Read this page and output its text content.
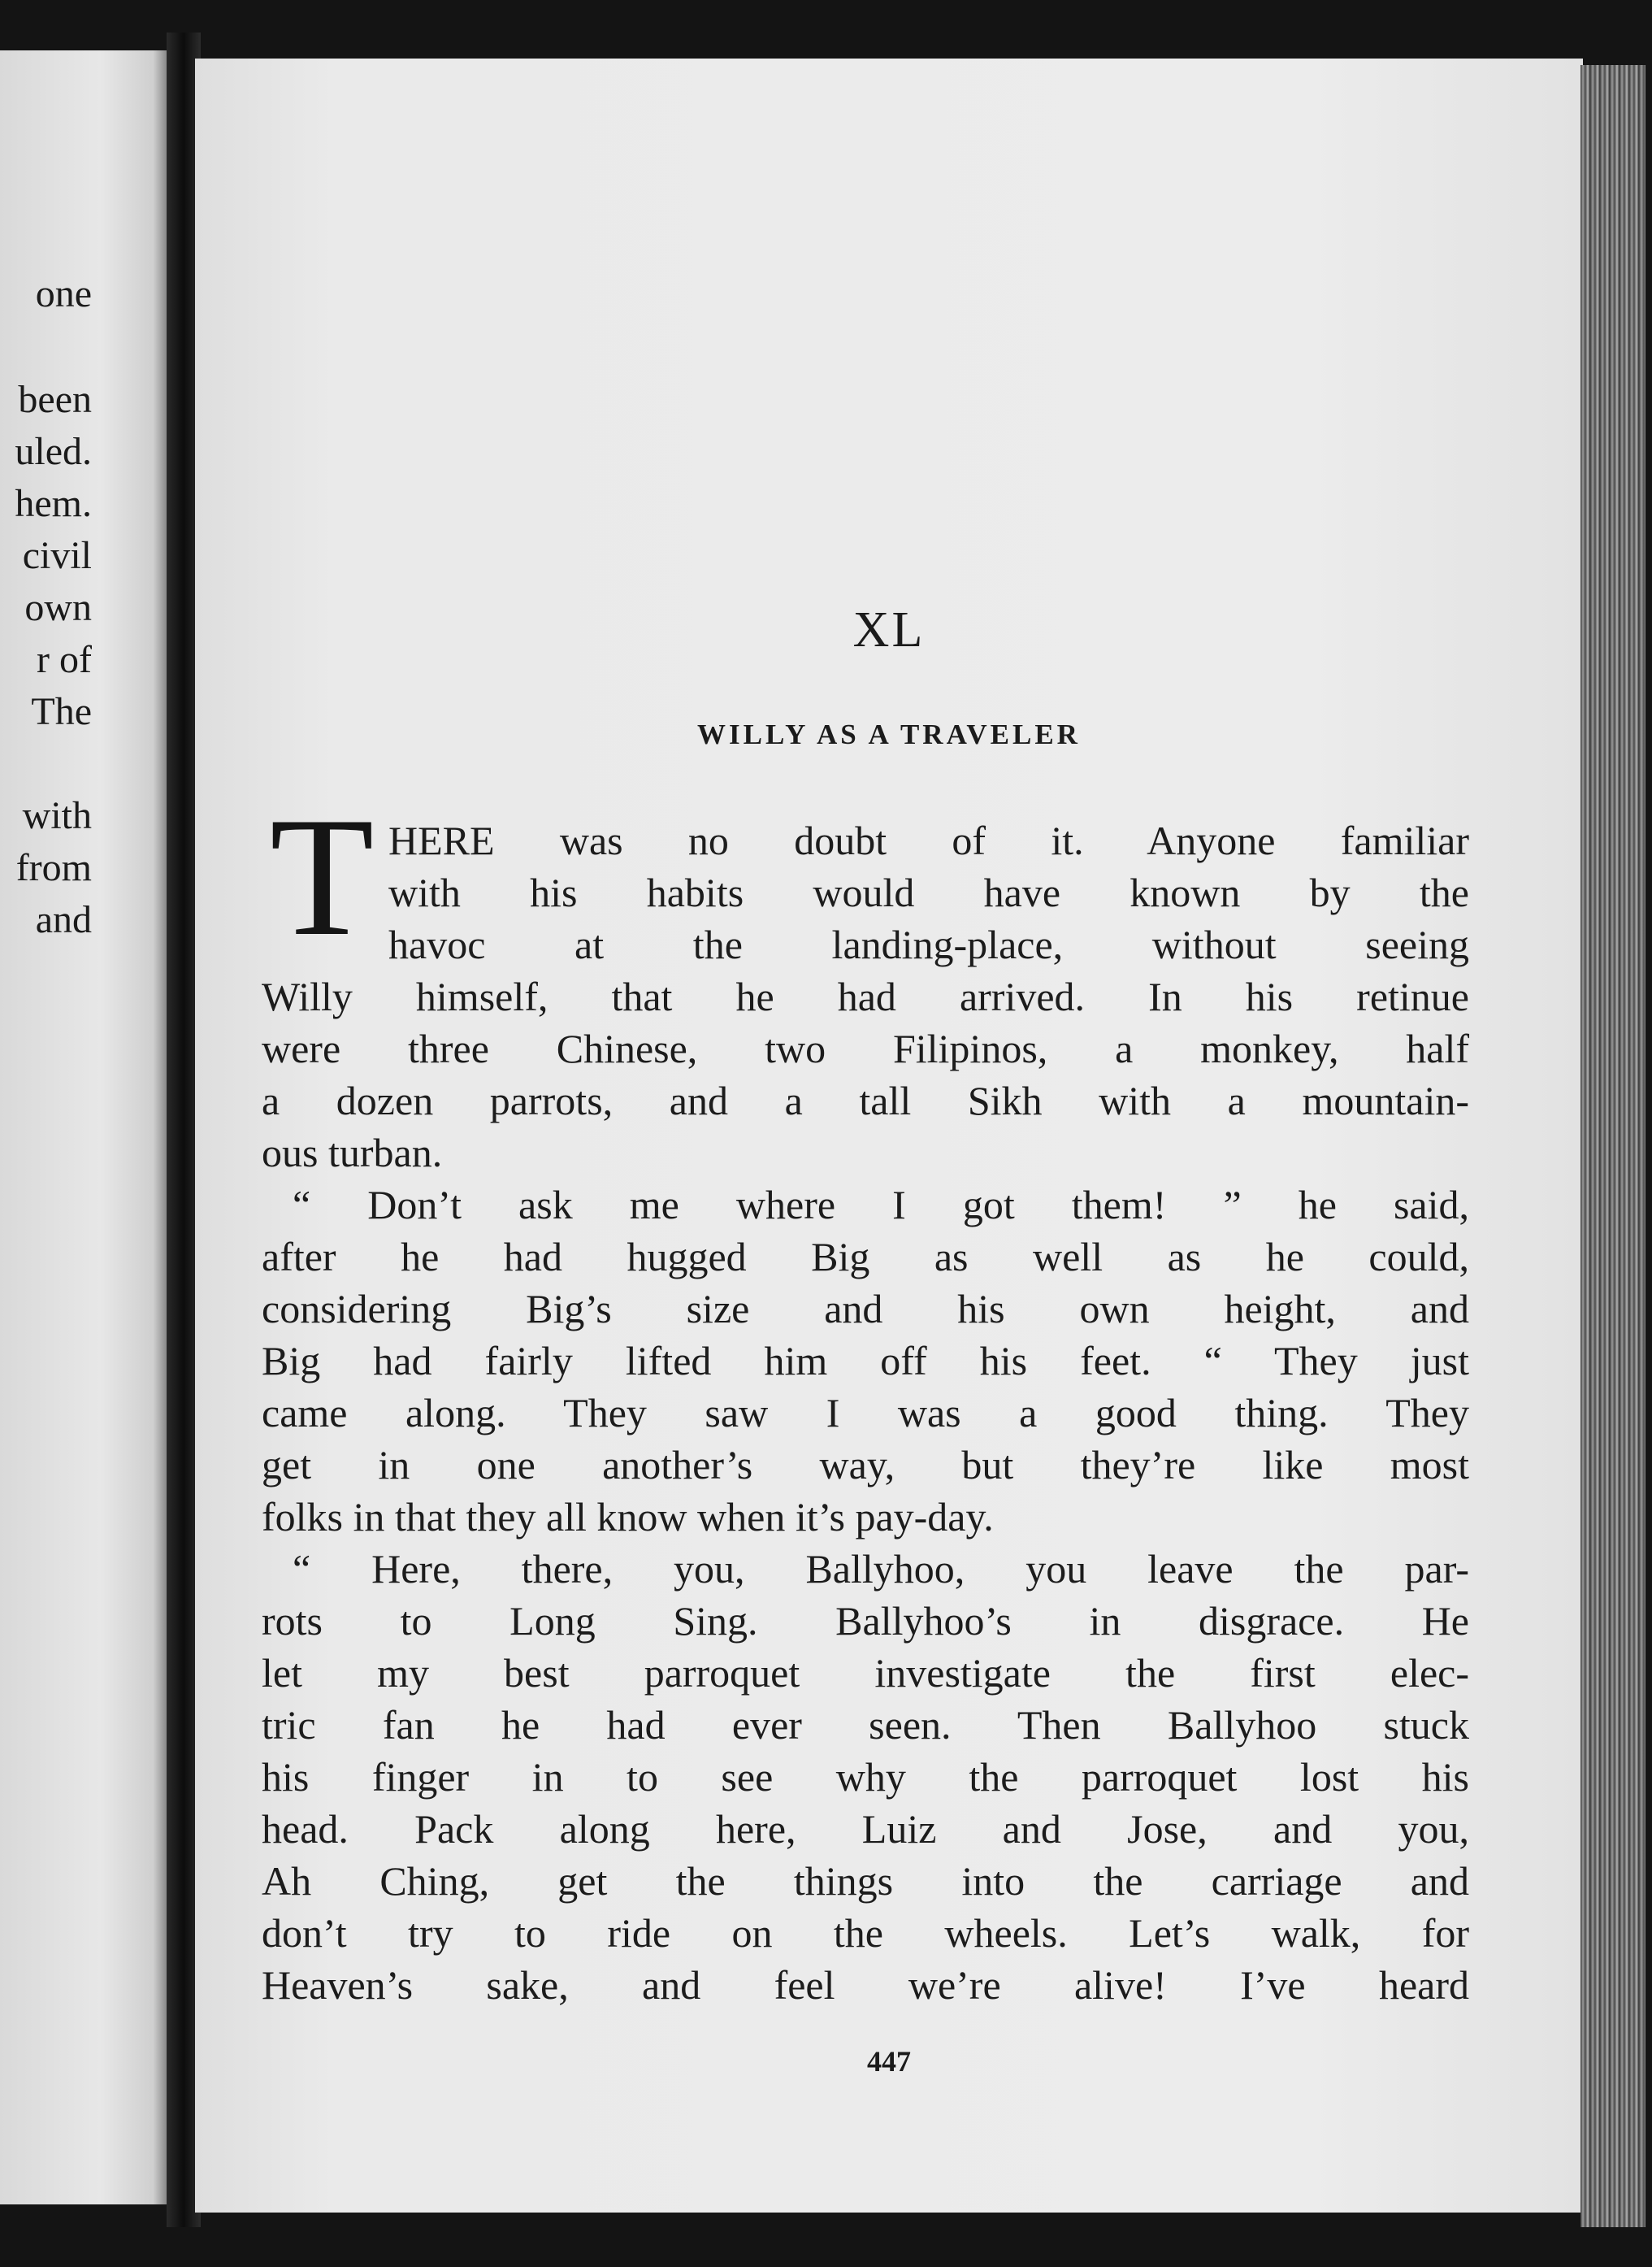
one
been
uled.
hem.
civil
own
r of
The
with
from
and
XL
WILLY AS A TRAVELER
T HERE was no doubt of it. Anyone familiar
with his habits would have known by the
havoc at the landing-place, without seeing
Willy himself, that he had arrived. In his retinue
were three Chinese, two Filipinos, a monkey, half
a dozen parrots, and a tall Sikh with a mountain-
ous turban.
“ Don’t ask me where I got them! ” he said,
after he had hugged Big as well as he could,
considering Big’s size and his own height, and
Big had fairly lifted him off his feet. “ They just
came along. They saw I was a good thing. They
get in one another’s way, but they’re like most
folks in that they all know when it’s pay-day.
“ Here, there, you, Ballyhoo, you leave the par-
rots to Long Sing. Ballyhoo’s in disgrace. He
let my best parroquet investigate the first elec-
tric fan he had ever seen. Then Ballyhoo stuck
his finger in to see why the parroquet lost his
head. Pack along here, Luiz and Jose, and you,
Ah Ching, get the things into the carriage and
don’t try to ride on the wheels. Let’s walk, for
Heaven’s sake, and feel we’re alive! I’ve heard
447
